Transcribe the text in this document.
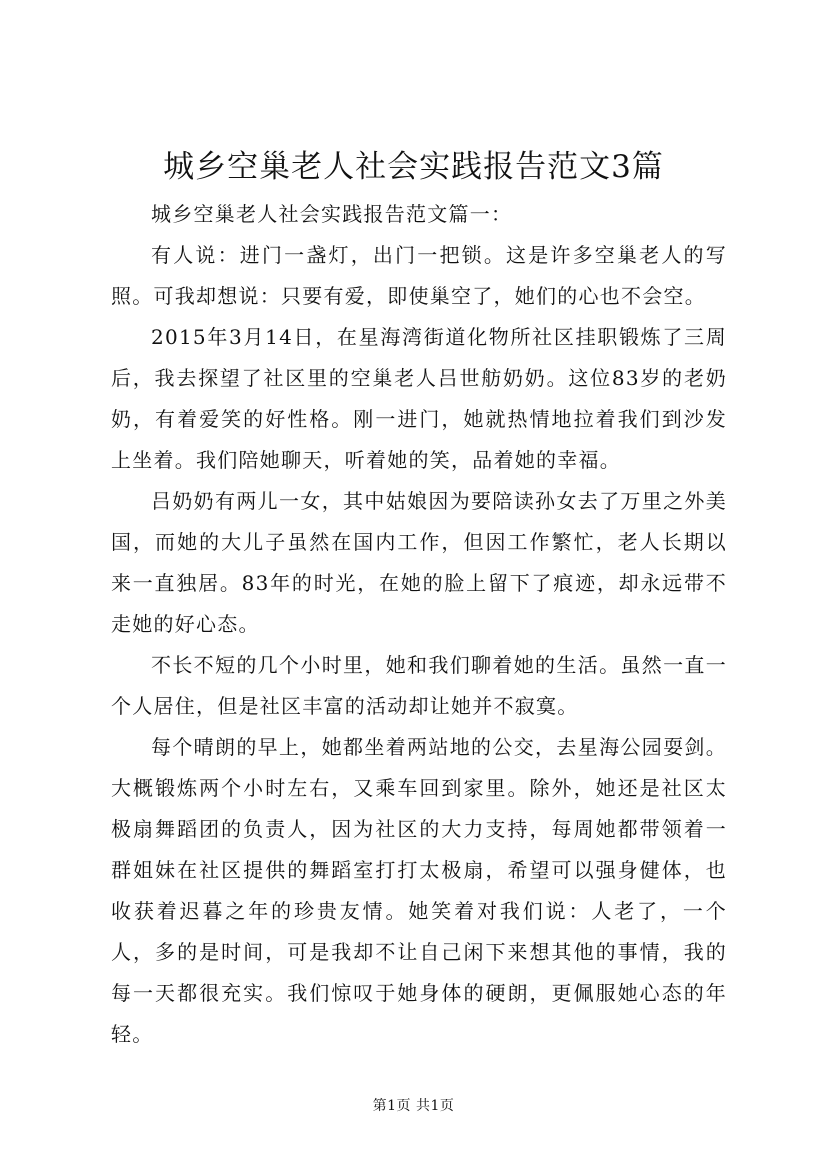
城乡空巢老人社会实践报告范文3篇

城乡空巢老人社会实践报告范文篇一：

有人说：进门一盏灯，出门一把锁。这是许多空巢老人的写照。可我却想说：只要有爱，即使巢空了，她们的心也不会空。

2015年3月14日，在星海湾街道化物所社区挂职锻炼了三周后，我去探望了社区里的空巢老人吕世舫奶奶。这位83岁的老奶奶，有着爱笑的好性格。刚一进门，她就热情地拉着我们到沙发上坐着。我们陪她聊天，听着她的笑，品着她的幸福。

吕奶奶有两儿一女，其中姑娘因为要陪读孙女去了万里之外美国，而她的大儿子虽然在国内工作，但因工作繁忙，老人长期以来一直独居。83年的时光，在她的脸上留下了痕迹，却永远带不走她的好心态。

不长不短的几个小时里，她和我们聊着她的生活。虽然一直一个人居住，但是社区丰富的活动却让她并不寂寞。

每个晴朗的早上，她都坐着两站地的公交，去星海公园耍剑。大概锻炼两个小时左右，又乘车回到家里。除外，她还是社区太极扇舞蹈团的负责人，因为社区的大力支持，每周她都带领着一群姐妹在社区提供的舞蹈室打打太极扇，希望可以强身健体，也收获着迟暮之年的珍贵友情。她笑着对我们说：人老了，一个人，多的是时间，可是我却不让自己闲下来想其他的事情，我的每一天都很充实。我们惊叹于她身体的硬朗，更佩服她心态的年轻。

第1页 共1页
